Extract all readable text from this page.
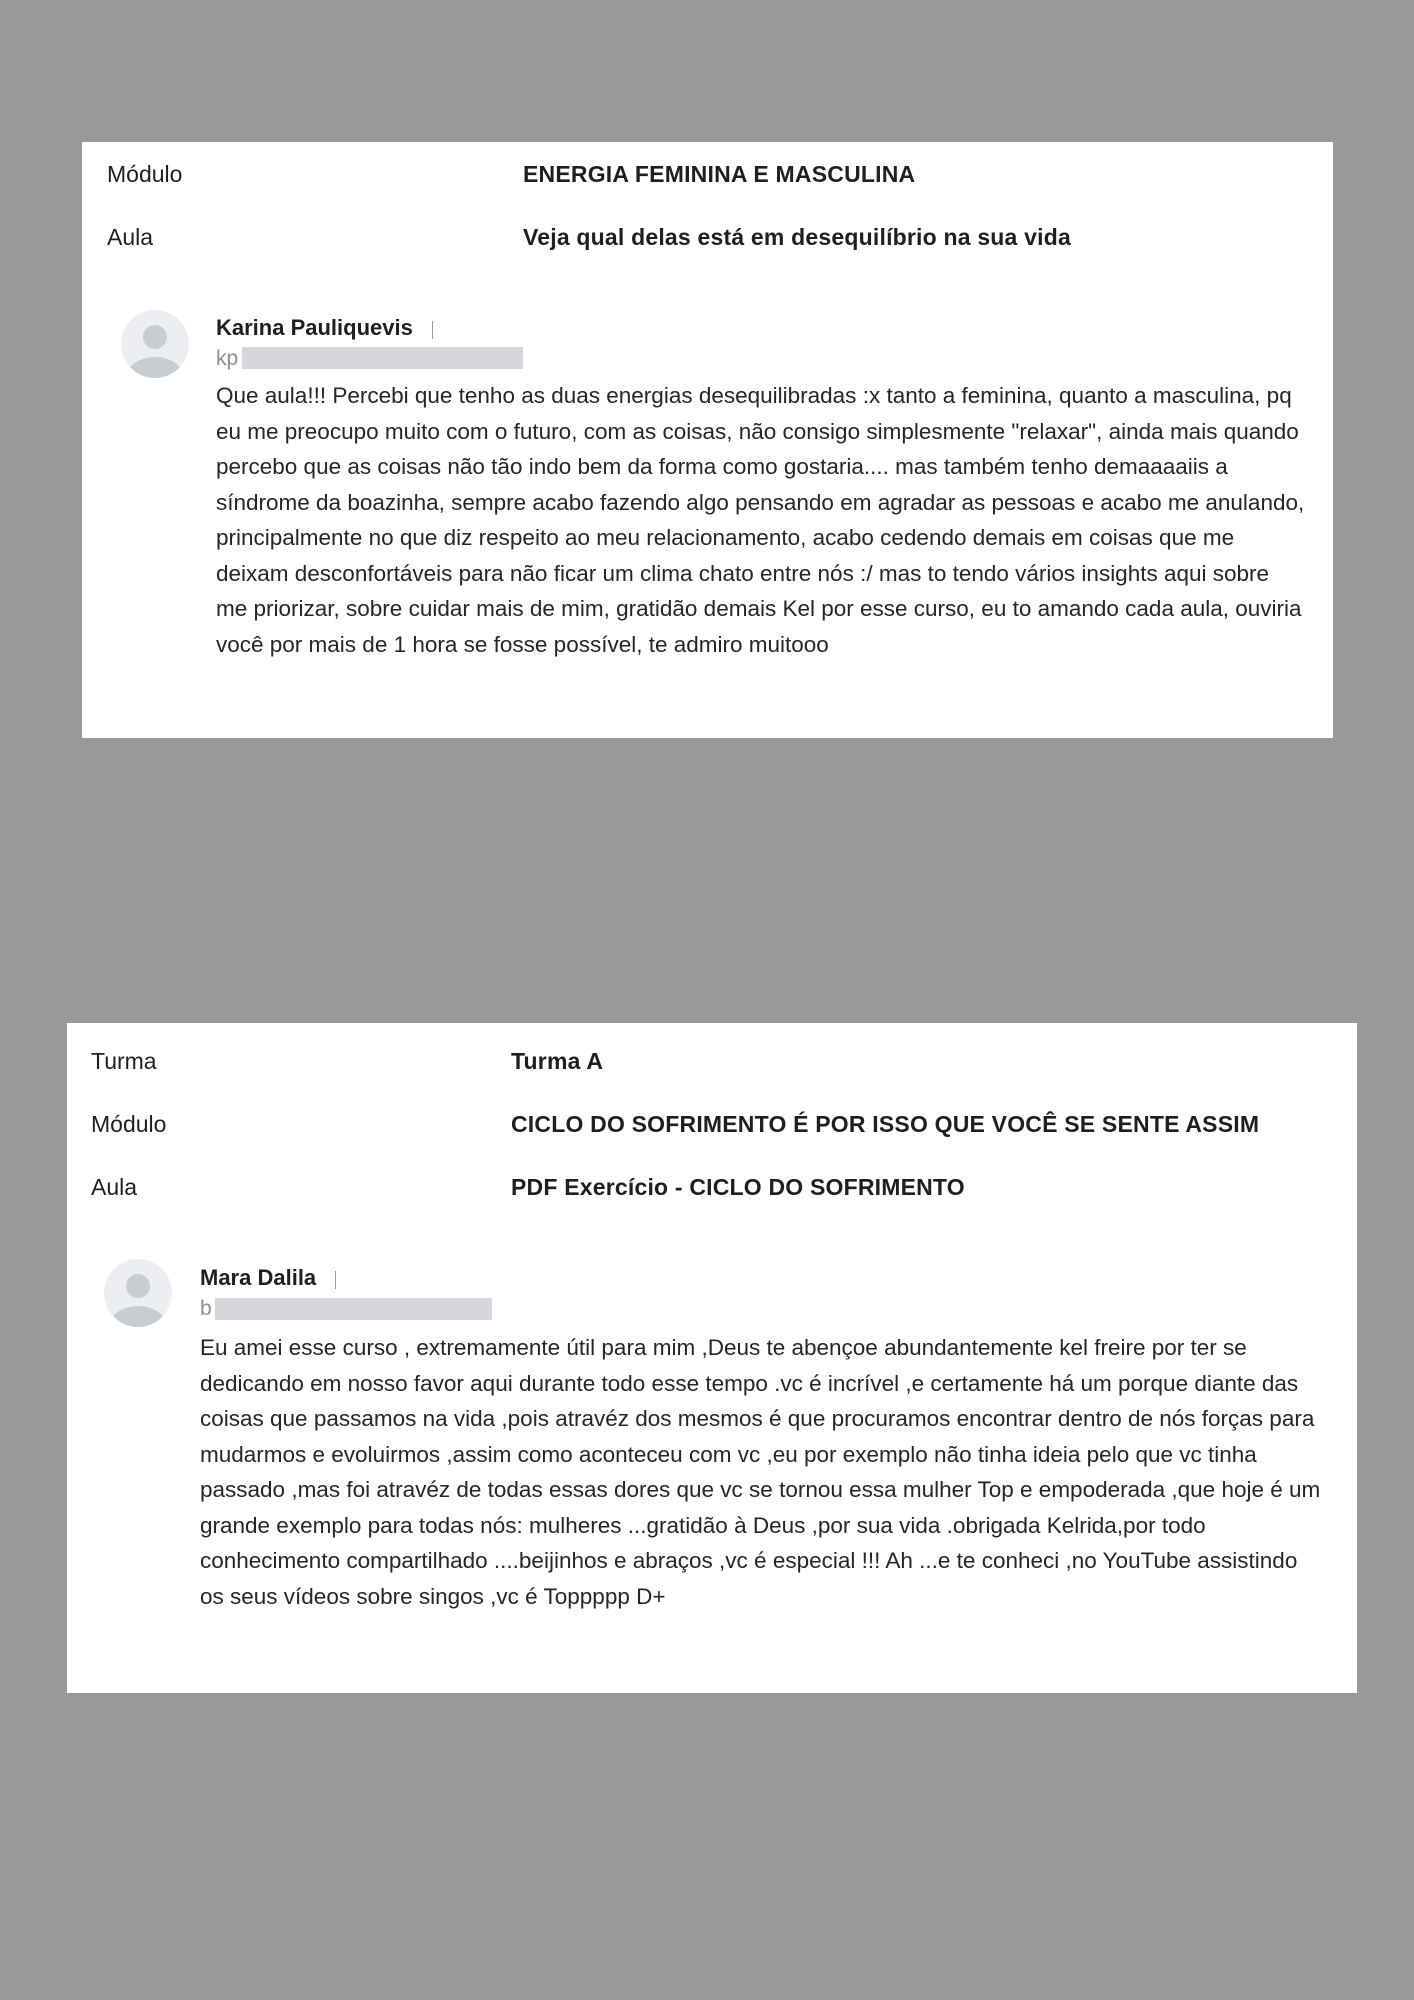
Módulo	ENERGIA FEMININA E MASCULINA
Aula	Veja qual delas está em desequilíbrio na sua vida
Karina Pauliquevis
kp

Que aula!!! Percebi que tenho as duas energias desequilibradas :x tanto a feminina, quanto a masculina, pq eu me preocupo muito com o futuro, com as coisas, não consigo simplesmente "relaxar", ainda mais quando percebo que as coisas não tão indo bem da forma como gostaria.... mas também tenho demaaaaiis a síndrome da boazinha, sempre acabo fazendo algo pensando em agradar as pessoas e acabo me anulando, principalmente no que diz respeito ao meu relacionamento, acabo cedendo demais em coisas que me deixam desconfortáveis para não ficar um clima chato entre nós :/ mas to tendo vários insights aqui sobre me priorizar, sobre cuidar mais de mim, gratidão demais Kel por esse curso, eu to amando cada aula, ouviria você por mais de 1 hora se fosse possível, te admiro muitooo

Turma	Turma A
Módulo	CICLO DO SOFRIMENTO É POR ISSO QUE VOCÊ SE SENTE ASSIM
Aula	PDF Exercício - CICLO DO SOFRIMENTO
Mara Dalila
b

Eu amei esse curso , extremamente útil para mim ,Deus te abençoe abundantemente kel freire por ter se dedicando em nosso favor aqui durante todo esse tempo .vc é incrível ,e certamente há um porque diante das coisas que passamos na vida ,pois atravéz dos mesmos é que procuramos encontrar dentro de nós forças para mudarmos e evoluirmos ,assim como aconteceu com vc ,eu por exemplo não tinha ideia pelo que vc tinha passado ,mas foi atravéz de todas essas dores que vc se tornou essa mulher Top e empoderada ,que hoje é um grande exemplo para todas nós: mulheres ...gratidão à Deus ,por sua vida .obrigada Kelrida,por todo conhecimento compartilhado ....beijinhos e abraços ,vc é especial !!! Ah ...e te conheci ,no YouTube assistindo os seus vídeos sobre singos ,vc é Toppppp D+
